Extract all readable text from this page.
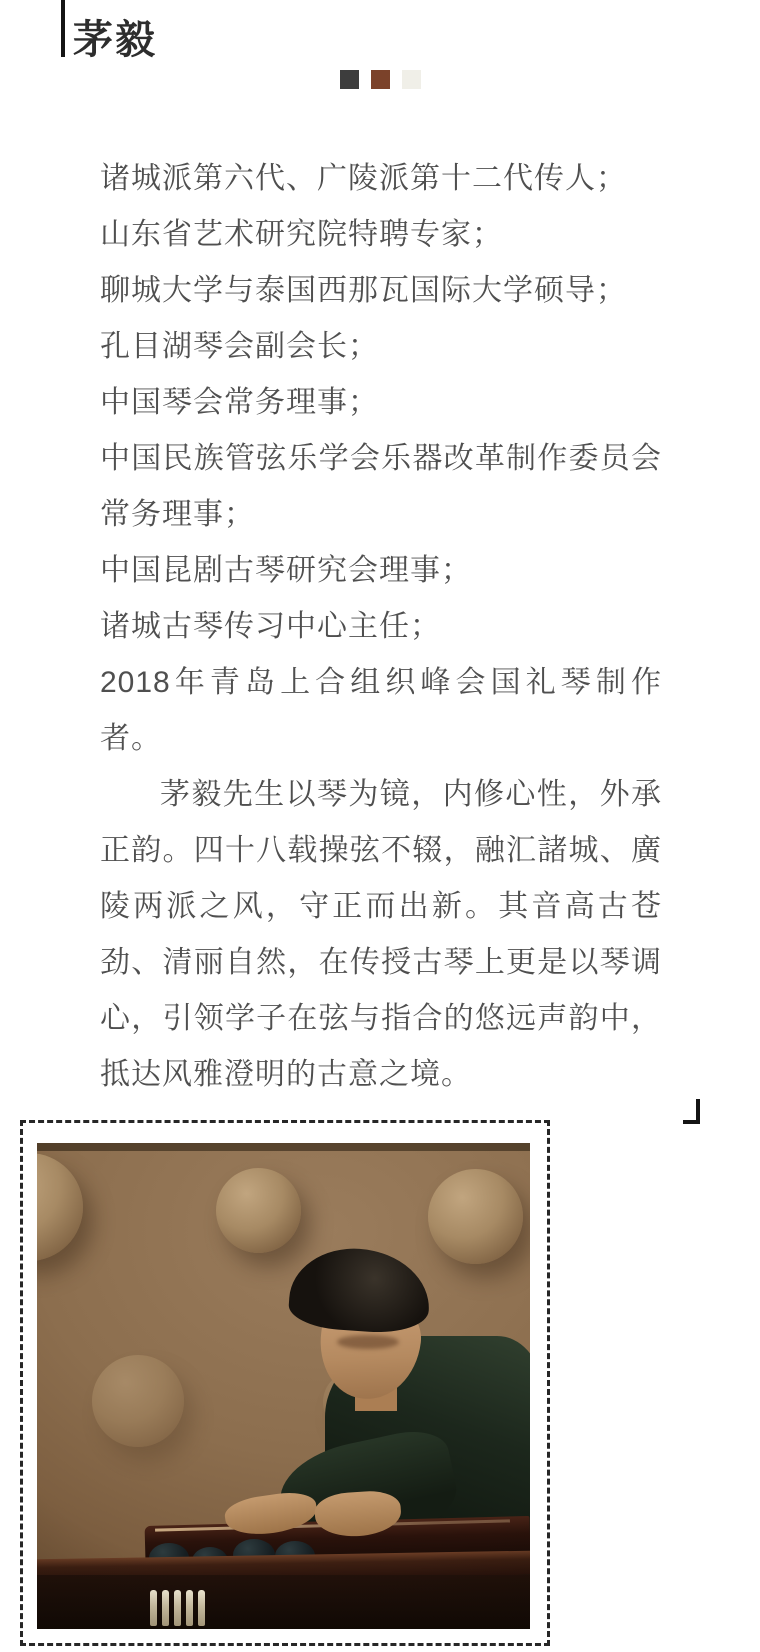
茅毅

诸城派第六代、广陵派第十二代传人；

山东省艺术研究院特聘专家；

聊城大学与泰国西那瓦国际大学硕导；

孔目湖琴会副会长；

中国琴会常务理事；

中国民族管弦乐学会乐器改革制作委员会常务理事；

中国昆剧古琴研究会理事；

诸城古琴传习中心主任；

2018年青岛上合组织峰会国礼琴制作者。

茅毅先生以琴为镜，内修心性，外承正韵。四十八载操弦不辍，融汇諸城、廣陵两派之风，守正而出新。其音高古苍劲、清丽自然，在传授古琴上更是以琴调心，引领学子在弦与指合的悠远声韵中，抵达风雅澄明的古意之境。
